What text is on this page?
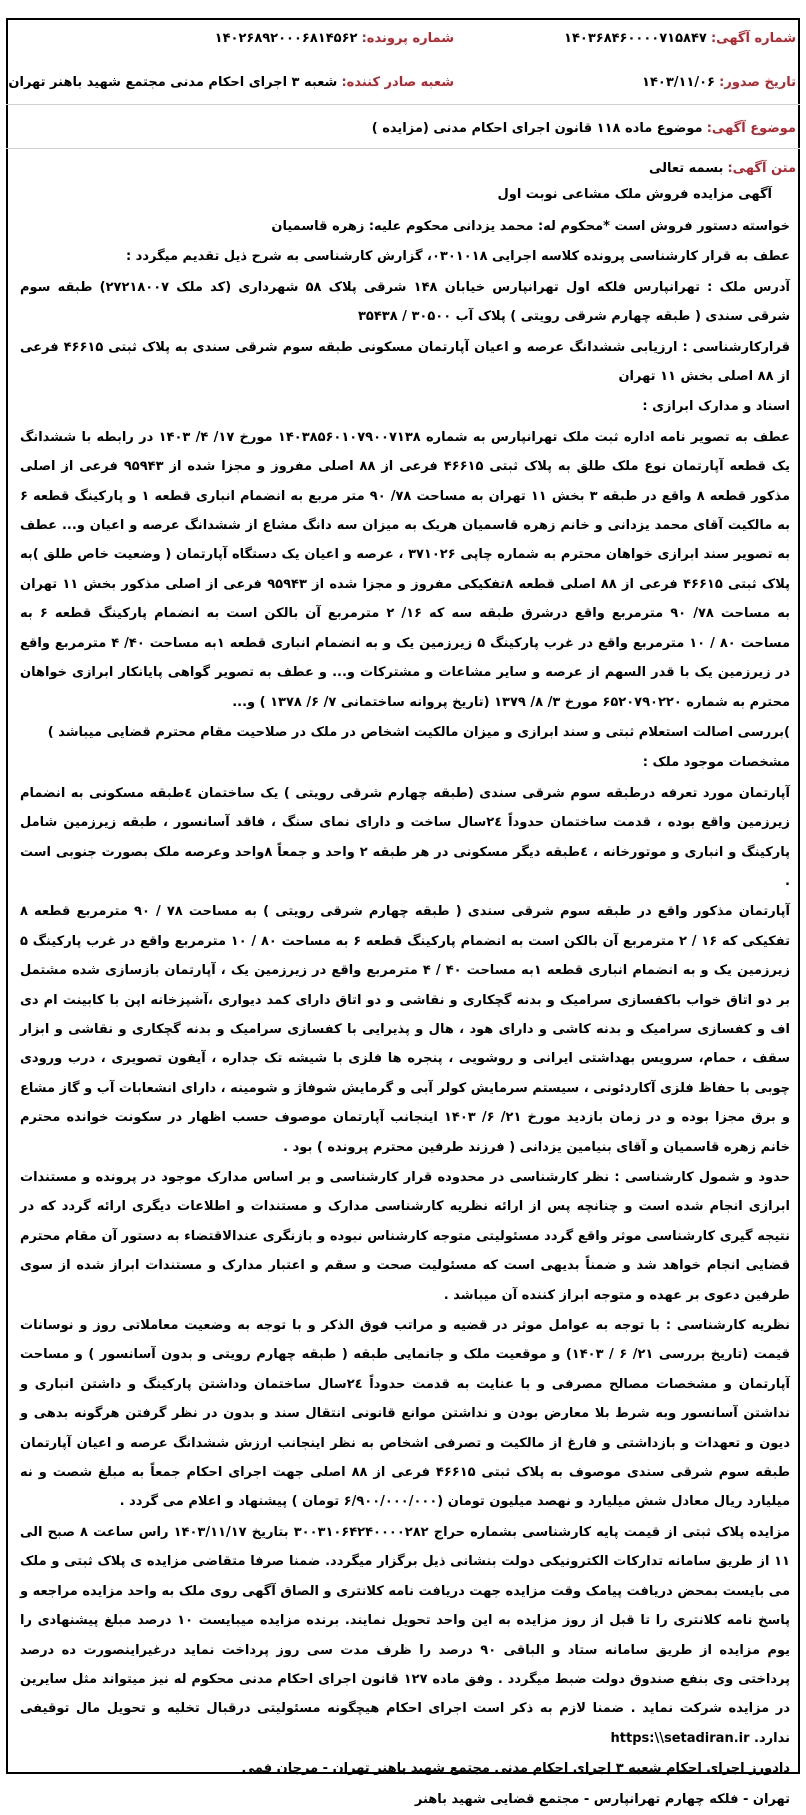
شماره آگهی: ۱۴۰۳۶۸۴۶۰۰۰۰۷۱۵۸۴۷
شماره پرونده: ۱۴۰۲۶۸۹۲۰۰۰۶۸۱۴۵۶۲
تاریخ صدور: ۱۴۰۳/۱۱/۰۶
شعبه صادر کننده: شعبه ۳ اجرای احکام مدنی مجتمع شهید باهنر تهران
موضوع آگهی: موضوع ماده ۱۱۸ قانون اجرای احکام مدنی (مزایده )
متن آگهی: بسمه تعالی
آگهی مزایده فروش ملک مشاعی نوبت اول

خواسته دستور فروش است *محکوم له: محمد یزدانی محکوم علیه: زهره قاسمیان

عطف به قرار کارشناسی پرونده کلاسه اجرایی ۰۳۰۱۰۱۸، گزارش کارشناسی به شرح ذیل تقدیم میگردد :

آدرس ملک : تهرانپارس فلکه اول تهرانپارس خیابان ۱۴۸ شرقی پلاک ۵۸ شهرداری (کد ملک ۲۷۲۱۸۰۰۷) طبقه سوم شرقی سندی ( طبقه چهارم شرقی رویتی ) پلاک آب ۳۰۵۰۰ / ۳۵۴۳۸

قرارکارشناسی : ارزیابی ششدانگ عرصه و اعیان آپارتمان مسکونی طبقه سوم شرقی سندی به پلاک ثبتی ۴۶۶۱۵ فرعی از ۸۸ اصلی بخش ۱۱ تهران

اسناد و مدارک ابرازی :

عطف به تصویر نامه اداره ثبت ملک تهرانپارس به شماره ۱۴۰۳۸۵۶۰۱۰۷۹۰۰۷۱۳۸ مورخ ۱۷/ ۴/ ۱۴۰۳ در رابطه با ششدانگ یک قطعه آپارتمان نوع ملک طلق به پلاک ثبتی ۴۶۶۱۵ فرعی از ۸۸ اصلی مفروز و مجزا شده از ۹۵۹۴۳ فرعی از اصلی مذکور قطعه ۸ واقع در طبقه ۳ بخش ۱۱ تهران به مساحت ۷۸/ ۹۰ متر مربع به انضمام انباری قطعه ۱ و پارکینگ قطعه ۶ به مالکیت آقای محمد یزدانی و خانم زهره قاسمیان هریک به میزان سه دانگ مشاع از ششدانگ عرصه و اعیان و... عطف به تصویر سند ابرازی خواهان محترم به شماره چاپی ۳۷۱۰۲۶ ، عرصه و اعیان یک دستگاه آپارتمان ( وضعیت خاص طلق )به پلاک ثبتی ۴۶۶۱۵ فرعی از ۸۸ اصلی قطعه ۸تفکیکی مفروز و مجزا شده از ۹۵۹۴۳ فرعی از اصلی مذکور بخش ۱۱ تهران به مساحت ۷۸/ ۹۰ مترمربع واقع درشرق طبقه سه که ۱۶/ ۲ مترمربع آن بالکن است به انضمام پارکینگ قطعه ۶ به مساحت ۸۰ / ۱۰ مترمربع واقع در غرب پارکینگ ۵ زیرزمین یک و به انضمام انباری قطعه ۱به مساحت ۴۰/ ۴ مترمربع واقع در زیرزمین یک با قدر السهم از عرصه و سایر مشاعات و مشترکات و... و عطف به تصویر گواهی پایانکار ابرازی خواهان محترم به شماره ۶۵۲۰۷۹۰۲۲۰ مورخ ۳/ ۸/ ۱۳۷۹ (تاریخ پروانه ساختمانی ۷/ ۶/ ۱۳۷۸ ) و...

)بررسی اصالت استعلام ثبتی و سند ابرازی و میزان مالکیت اشخاص در ملک در صلاحیت مقام محترم قضایی میباشد )

مشخصات موجود ملک :

آپارتمان مورد تعرفه درطبقه سوم شرقی سندی (طبقه چهارم شرقی رویتی ) یک ساختمان ٤طبقه مسکونی به انضمام زیرزمین واقع بوده ، قدمت ساختمان حدوداً ۲٤سال ساخت و دارای نمای سنگ ، فاقد آسانسور ، طبقه زیرزمین شامل پارکینگ و انباری و موتورخانه ، ٤طبقه دیگر مسکونی در هر طبقه ۲ واحد و جمعاً ۸واحد وعرصه ملک بصورت جنوبی است .

آپارتمان مذکور واقع در طبقه سوم شرقی سندی ( طبقه چهارم شرقی رویتی ) به مساحت ۷۸ / ۹۰ مترمربع قطعه ۸ تفکیکی که ۱۶ / ۲ مترمربع آن بالکن است به انضمام پارکینگ قطعه ۶ به مساحت ۸۰ / ۱۰ مترمربع واقع در غرب پارکینگ ۵ زیرزمین یک و به انضمام انباری قطعه ۱به مساحت ۴۰ / ۴ مترمربع واقع در زیرزمین یک ، آپارتمان بازسازی شده مشتمل بر دو اتاق خواب باکفسازی سرامیک و بدنه گچکاری و نقاشی و دو اتاق دارای کمد دیواری ،آشپزخانه اپن با کابینت ام دی اف و کفسازی سرامیک و بدنه کاشی و دارای هود ، هال و پذیرایی با کفسازی سرامیک و بدنه گچکاری و نقاشی و ابزار سقف ، حمام، سرویس بهداشتی ایرانی و روشویی ، پنجره ها فلزی با شیشه تک جداره ، آیفون تصویری ، درب ورودی چوبی با حفاظ فلزی آکاردئونی ، سیستم سرمایش کولر آبی و گرمایش شوفاژ و شومینه ، دارای انشعابات آب و گاز مشاع و برق مجزا بوده و در زمان بازدید مورخ ۲۱/ ۶/ ۱۴۰۳ اینجانب آپارتمان موصوف حسب اظهار در سکونت خوانده محترم خانم زهره قاسمیان و آقای بنیامین یزدانی ( فرزند طرفین محترم پرونده ) بود .

حدود و شمول کارشناسی : نظر کارشناسی در محدوده قرار کارشناسی و بر اساس مدارک موجود در پرونده و مستندات ابرازی انجام شده است و چنانچه پس از ارائه نظریه کارشناسی مدارک و مستندات و اطلاعات دیگری ارائه گردد که در نتیجه گیری کارشناسی موثر واقع گردد مسئولیتی متوجه کارشناس نبوده و بازنگری عندالاقتضاء به دستور آن مقام محترم قضایی انجام خواهد شد و ضمناً بدیهی است که مسئولیت صحت و سقم و اعتبار مدارک و مستندات ابراز شده از سوی طرفین دعوی بر عهده و متوجه ابراز کننده آن میباشد .

نظریه کارشناسی : با توجه به عوامل موثر در قضیه و مراتب فوق الذکر و با توجه به وضعیت معاملاتی روز و نوسانات قیمت (تاریخ بررسی ۲۱/ ۶ / ۱۴۰۳) و موقعیت ملک و جانمایی طبقه ( طبقه چهارم رویتی و بدون آسانسور ) و مساحت آپارتمان و مشخصات مصالح مصرفی و با عنایت به قدمت حدوداً ۲٤سال ساختمان وداشتن پارکینگ و داشتن انباری و نداشتن آسانسور وبه شرط بلا معارض بودن و نداشتن موانع قانونی انتقال سند و بدون در نظر گرفتن هرگونه بدهی و دیون و تعهدات و بازداشتی و فارغ از مالکیت و تصرفی اشخاص به نظر اینجانب ارزش ششدانگ عرصه و اعیان آپارتمان طبقه سوم شرقی سندی موصوف به پلاک ثبتی ۴۶۶۱۵ فرعی از ۸۸ اصلی جهت اجرای احکام جمعاً به مبلغ شصت و نه میلیارد ریال معادل شش میلیارد و نهصد میلیون تومان (۶/۹۰۰/۰۰۰/۰۰۰ تومان ) پیشنهاد و اعلام می گردد .

مزایده پلاک ثبتی از قیمت پایه کارشناسی بشماره حراج ۳۰۰۳۱۰۶۴۲۴۰۰۰۰۲۸۲ بتاریخ ۱۴۰۳/۱۱/۱۷ راس ساعت ۸ صبح الی ۱۱ از طریق سامانه تدارکات الکترونیکی دولت بنشانی ذیل برگزار میگردد. ضمنا صرفا متقاضی مزایده ی پلاک ثبتی و ملک می بایست بمحض دریافت پیامک وقت مزایده جهت دریافت نامه کلانتری و الصاق آگهی روی ملک به واحد مزایده مراجعه و پاسخ نامه کلانتری را تا قبل از روز مزایده به این واحد تحویل نمایند. برنده مزایده میبایست ۱۰ درصد مبلغ پیشنهادی را یوم مزایده از طریق سامانه ستاد و الباقی ۹۰ درصد را ظرف مدت سی روز پرداخت نماید درغیراینصورت ده درصد پرداختی وی بنفع صندوق دولت ضبط میگردد . وفق ماده ۱۲۷ قانون اجرای احکام مدنی محکوم له نیز میتواند مثل سایرین در مزایده شرکت نماید . ضمنا لازم به ذکر است اجرای احکام هیچگونه مسئولیتی درقبال تخلیه و تحویل مال توقیفی ندارد. https:\\setadiran.ir

دادورز اجرای احکام شعبه ۳ اجرای احکام مدنی مجتمع شهید باهنر تهران - مرجان فمی

تهران - فلکه چهارم تهرانپارس - مجتمع قضایی شهید باهنر
